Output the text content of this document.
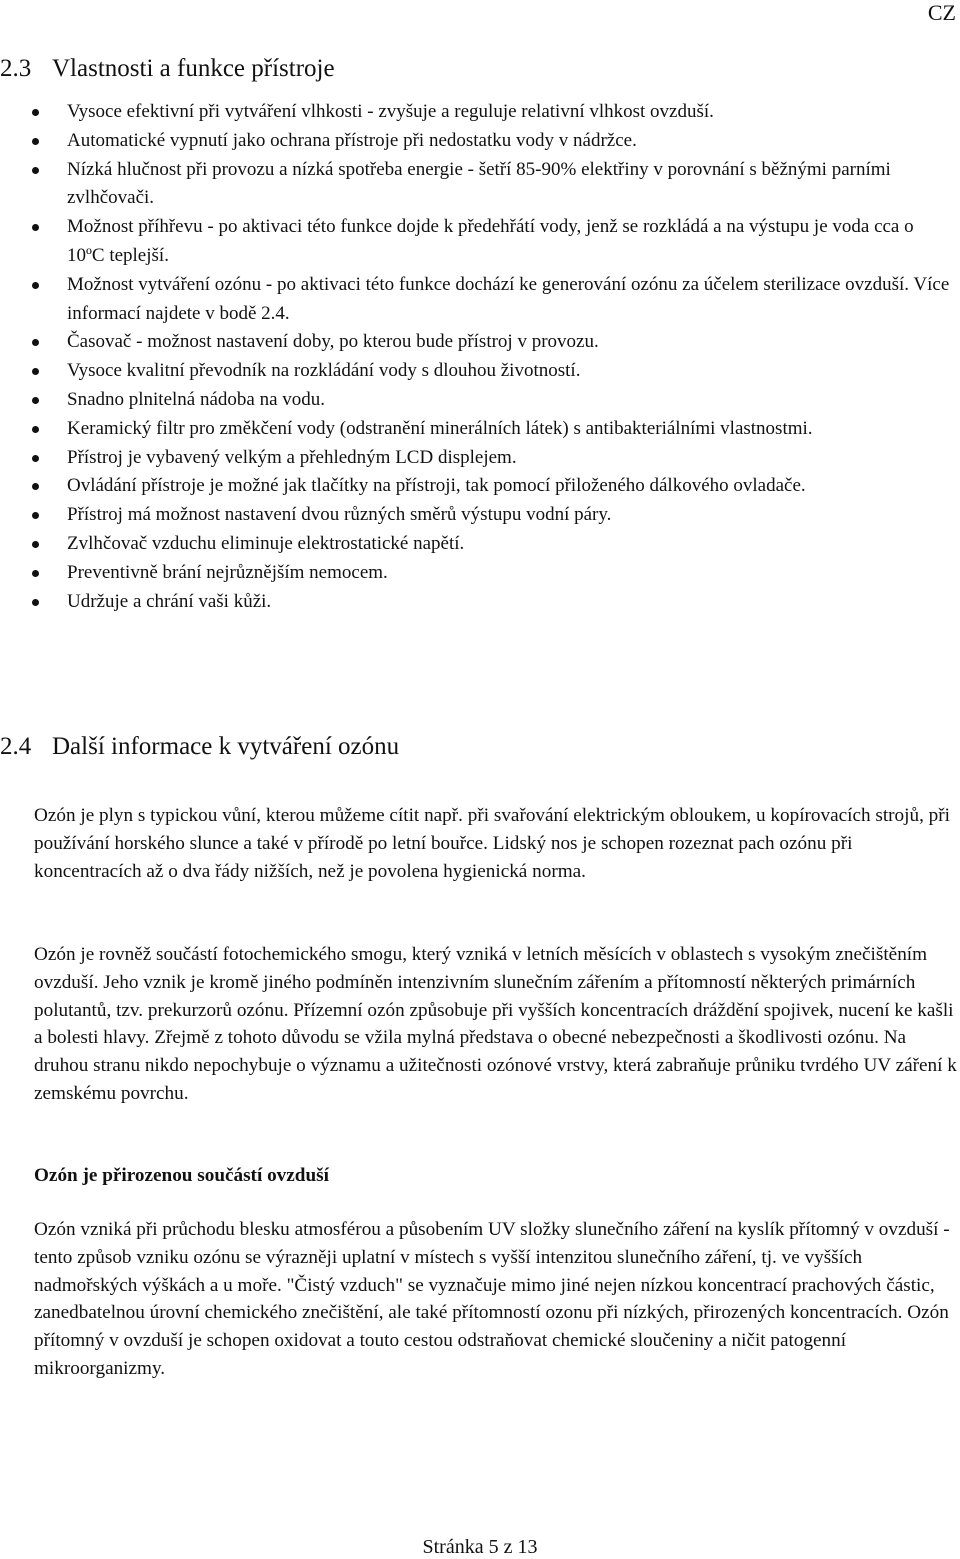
CZ
2.3 Vlastnosti a funkce přístroje
Vysoce efektivní při vytváření vlhkosti - zvyšuje a reguluje relativní vlhkost ovzduší.
Automatické vypnutí jako ochrana přístroje při nedostatku vody v nádržce.
Nízká hlučnost při provozu a nízká spotřeba energie - šetří 85-90% elektřiny v porovnání s běžnými parními zvlhčovači.
Možnost příhřevu - po aktivaci této funkce dojde k předehřátí vody, jenž se rozkládá a na výstupu je voda cca o 10ºC teplejší.
Možnost vytváření ozónu - po aktivaci této funkce dochází ke generování ozónu za účelem sterilizace ovzduší. Více informací najdete v bodě 2.4.
Časovač - možnost nastavení doby, po kterou bude přístroj v provozu.
Vysoce kvalitní převodník na rozkládání vody s dlouhou životností.
Snadno plnitelná nádoba na vodu.
Keramický filtr pro změkčení vody (odstranění minerálních látek) s antibakteriálními vlastnostmi.
Přístroj je vybavený velkým a přehledným LCD displejem.
Ovládání přístroje je možné jak tlačítky na přístroji, tak pomocí přiloženého dálkového ovladače.
Přístroj má možnost nastavení dvou různých směrů výstupu vodní páry.
Zvlhčovač vzduchu eliminuje elektrostatické napětí.
Preventivně brání nejrůznějším nemocem.
Udržuje a chrání vaši kůži.
2.4 Další informace k vytváření ozónu

Ozón je plyn s typickou vůní, kterou můžeme cítit např. při svařování elektrickým obloukem, u kopírovacích strojů, při používání horského slunce a také v přírodě po letní bouřce. Lidský nos je schopen rozeznat pach ozónu při koncentracích až o dva řády nižších, než je povolena hygienická norma.

Ozón je rovněž součástí fotochemického smogu, který vzniká v letních měsících v oblastech s vysokým znečištěním ovzduší. Jeho vznik je kromě jiného podmíněn intenzivním slunečním zářením a přítomností některých primárních polutantů, tzv. prekurzorů ozónu. Přízemní ozón způsobuje při vyšších koncentracích dráždění spojivek, nucení ke kašli a bolesti hlavy. Zřejmě z tohoto důvodu se vžila mylná představa o obecné nebezpečnosti a škodlivosti ozónu. Na druhou stranu nikdo nepochybuje o významu a užitečnosti ozónové vrstvy, která zabraňuje průniku tvrdého UV záření k zemskému povrchu.

Ozón je přirozenou součástí ovzduší

Ozón vzniká při průchodu blesku atmosférou a působením UV složky slunečního záření na kyslík přítomný v ovzduší - tento způsob vzniku ozónu se výrazněji uplatní v místech s vyšší intenzitou slunečního záření, tj. ve vyšších nadmořských výškách a u moře. "Čistý vzduch" se vyznačuje mimo jiné nejen nízkou koncentrací prachových částic, zanedbatelnou úrovní chemického znečištění, ale také přítomností ozonu při nízkých, přirozených koncentracích. Ozón přítomný v ovzduší je schopen oxidovat a touto cestou odstraňovat chemické sloučeniny a ničit patogenní mikroorganizmy.

Stránka 5 z 13
